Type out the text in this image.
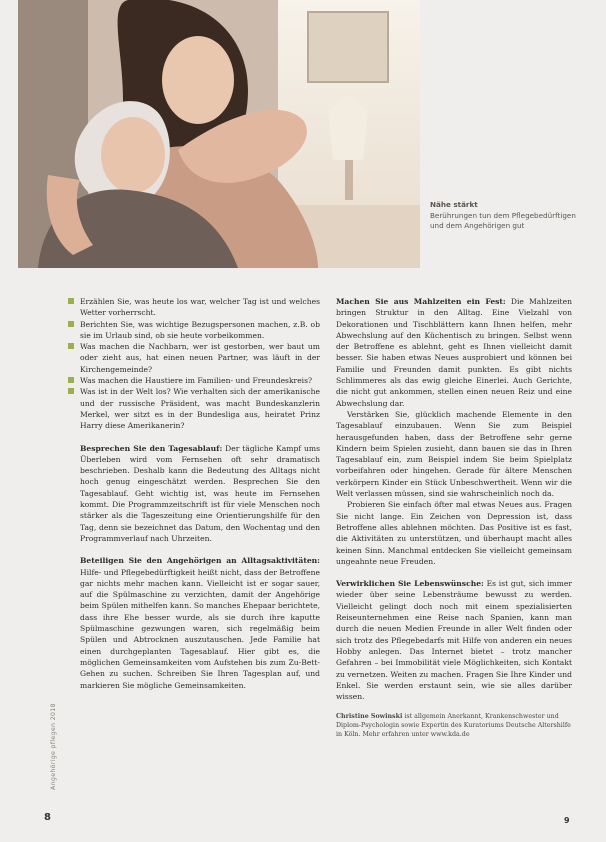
Nähe stärkt
Berührungen tun dem Pflegebedürftigen und dem Angehörigen gut
Erzählen Sie, was heute los war, welcher Tag ist und welches Wetter vorherrscht.
Berichten Sie, was wichtige Bezugspersonen machen, z.B. ob sie im Urlaub sind, ob sie heute vorbeikommen.
Was machen die Nachbarn, wer ist gestorben, wer baut um oder zieht aus, hat einen neuen Partner, was läuft in der Kirchengemeinde?
Was machen die Haustiere im Familien- und Freundeskreis?
Was ist in der Welt los? Wie verhalten sich der amerikanische und der russische Präsident, was macht Bundeskanzlerin Merkel, wer sitzt es in der Bundesliga aus, heiratet Prinz Harry diese Amerikanerin?

Besprechen Sie den Tagesablauf: Der tägliche Kampf ums Überleben wird vom Fernsehen oft sehr dramatisch beschrieben. Deshalb kann die Bedeutung des Alltags nicht hoch genug eingeschätzt werden. Besprechen Sie den Tagesablauf. Geht wichtig ist, was heute im Fernsehen kommt. Die Programmzeitschrift ist für viele Menschen noch stärker als die Tageszeitung eine Orientierungshilfe für den Tag, denn sie bezeichnet das Datum, den Wochentag und den Programmverlauf nach Uhrzeiten.

Beteiligen Sie den Angehörigen an Alltagsaktivitäten: Hilfe- und Pflegebedürftigkeit heißt nicht, dass der Betroffene gar nichts mehr machen kann. Vielleicht ist er sogar sauer, auf die Spülmaschine zu verzichten, damit der Angehörige beim Spülen mithelfen kann. So manches Ehepaar berichtete, dass ihre Ehe besser wurde, als sie durch ihre kaputte Spülmaschine gezwungen waren, sich regelmäßig beim Spülen und Abtrocknen auszutauschen. Jede Familie hat einen durchgeplanten Tagesablauf. Hier gibt es, die möglichen Gemeinsamkeiten vom Aufstehen bis zum Zu-Bett-Gehen zu suchen. Schreiben Sie Ihren Tagesplan auf, und markieren Sie mögliche Gemeinsamkeiten.

Machen Sie aus Mahlzeiten ein Fest: Die Mahlzeiten bringen Struktur in den Alltag. Eine Vielzahl von Dekorationen und Tischblättern kann Ihnen helfen, mehr Abwechslung auf den Küchentisch zu bringen. Selbst wenn der Betroffene es ablehnt, geht es Ihnen vielleicht damit besser. Sie haben etwas Neues ausprobiert und können bei Familie und Freunden damit punkten. Es gibt nichts Schlimmeres als das ewig gleiche Einerlei. Auch Gerichte, die nicht gut ankommen, stellen einen neuen Reiz und eine Abwechslung dar.

Verstärken Sie, glücklich machende Elemente in den Tagesablauf einzubauen. Wenn Sie zum Beispiel herausgefunden haben, dass der Betroffene sehr gerne Kindern beim Spielen zusieht, dann bauen sie das in Ihren Tagesablauf ein, zum Beispiel indem Sie beim Spielplatz vorbeifahren oder hingehen. Gerade für ältere Menschen verkörpern Kinder ein Stück Unbeschwertheit. Wenn wir die Welt verlassen müssen, sind sie wahrscheinlich noch da.

Probieren Sie einfach öfter mal etwas Neues aus. Fragen Sie nicht lange. Ein Zeichen von Depression ist, dass Betroffene alles ablehnen möchten. Das Positive ist es fast, die Aktivitäten zu unterstützen, und überhaupt macht alles keinen Sinn. Manchmal entdecken Sie vielleicht gemeinsam ungeahnte neue Freuden.

Verwirklichen Sie Lebenswünsche: Es ist gut, sich immer wieder über seine Lebensträume bewusst zu werden. Vielleicht gelingt doch noch mit einem spezialisierten Reiseunternehmen eine Reise nach Spanien, kann man durch die neuen Medien Freunde in aller Welt finden oder sich trotz des Pflegebedarfs mit Hilfe von anderen ein neues Hobby anlegen. Das Internet bietet – trotz mancher Gefahren – bei Immobilität viele Möglichkeiten, sich Kontakt zu vernetzen. Weiten zu machen. Fragen Sie Ihre Kinder und Enkel. Sie werden erstaunt sein, wie sie alles darüber wissen.

Christine Sowinski ist allgemein Anerkannt, Krankenschwester und Diplom-Psychologin sowie Expertin des Kuratoriums Deutsche Altershilfe in Köln. Mehr erfahren unter www.kda.de

Angehörige pflegen 2018
8	9
